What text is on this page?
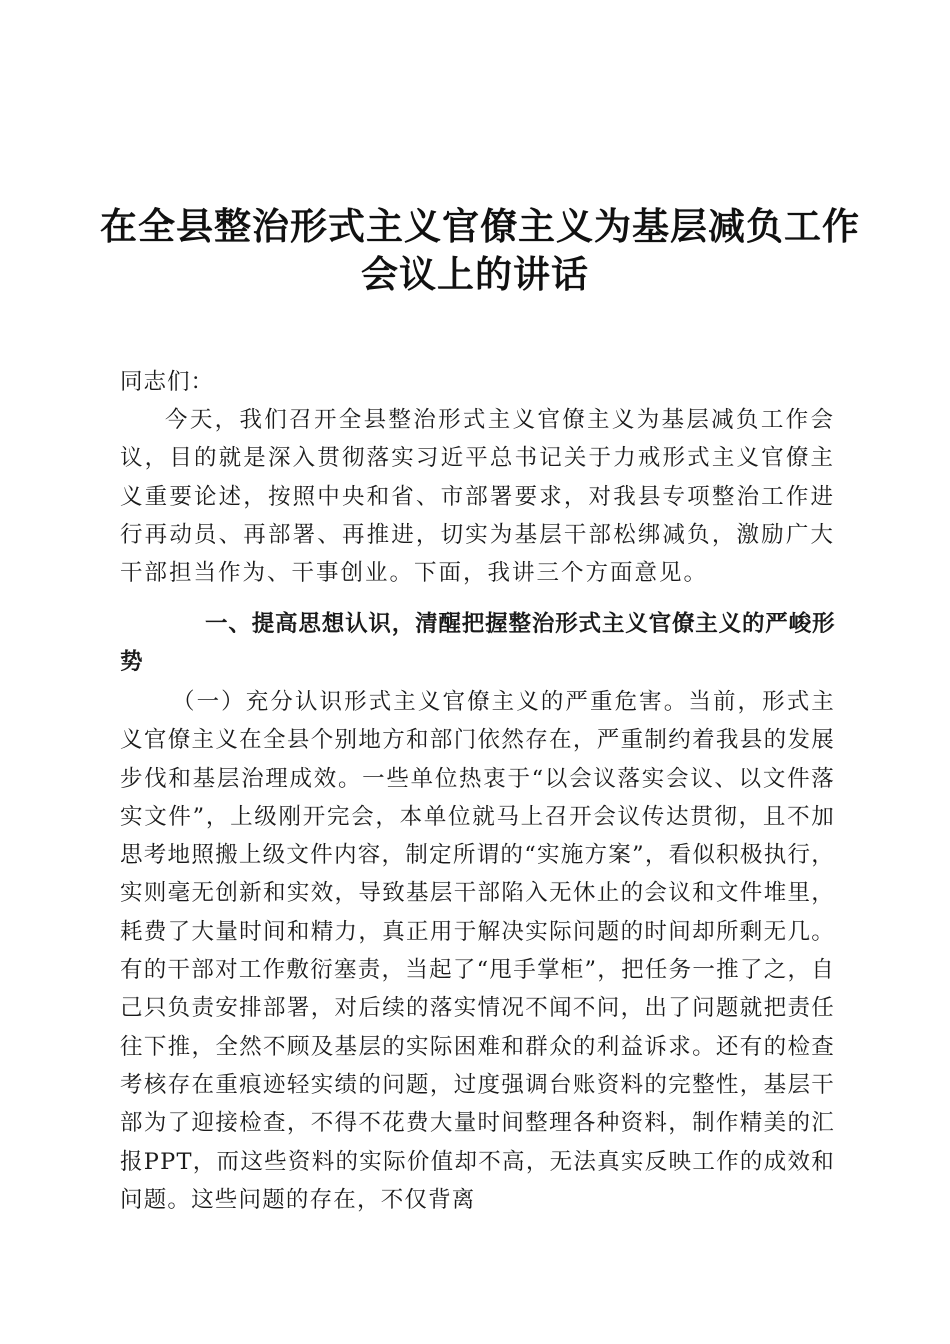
在全县整治形式主义官僚主义为基层减负工作
会议上的讲话
同志们：
今天，我们召开全县整治形式主义官僚主义为基层减负工作会议，目的就是深入贯彻落实习近平总书记关于力戒形式主义官僚主义重要论述，按照中央和省、市部署要求，对我县专项整治工作进行再动员、再部署、再推进，切实为基层干部松绑减负，激励广大干部担当作为、干事创业。下面，我讲三个方面意见。
一、提高思想认识，清醒把握整治形式主义官僚主义的严峻形势
（一）充分认识形式主义官僚主义的严重危害。当前，形式主义官僚主义在全县个别地方和部门依然存在，严重制约着我县的发展步伐和基层治理成效。一些单位热衷于“以会议落实会议、以文件落实文件”，上级刚开完会，本单位就马上召开会议传达贯彻，且不加思考地照搬上级文件内容，制定所谓的“实施方案”，看似积极执行，实则毫无创新和实效，导致基层干部陷入无休止的会议和文件堆里，耗费了大量时间和精力，真正用于解决实际问题的时间却所剩无几。有的干部对工作敷衍塞责，当起了“甩手掌柜”，把任务一推了之，自己只负责安排部署，对后续的落实情况不闻不问，出了问题就把责任往下推，全然不顾及基层的实际困难和群众的利益诉求。还有的检查考核存在重痕迹轻实绩的问题，过度强调台账资料的完整性，基层干部为了迎接检查，不得不花费大量时间整理各种资料，制作精美的汇报PPT，而这些资料的实际价值却不高，无法真实反映工作的成效和问题。这些问题的存在，不仅背离
